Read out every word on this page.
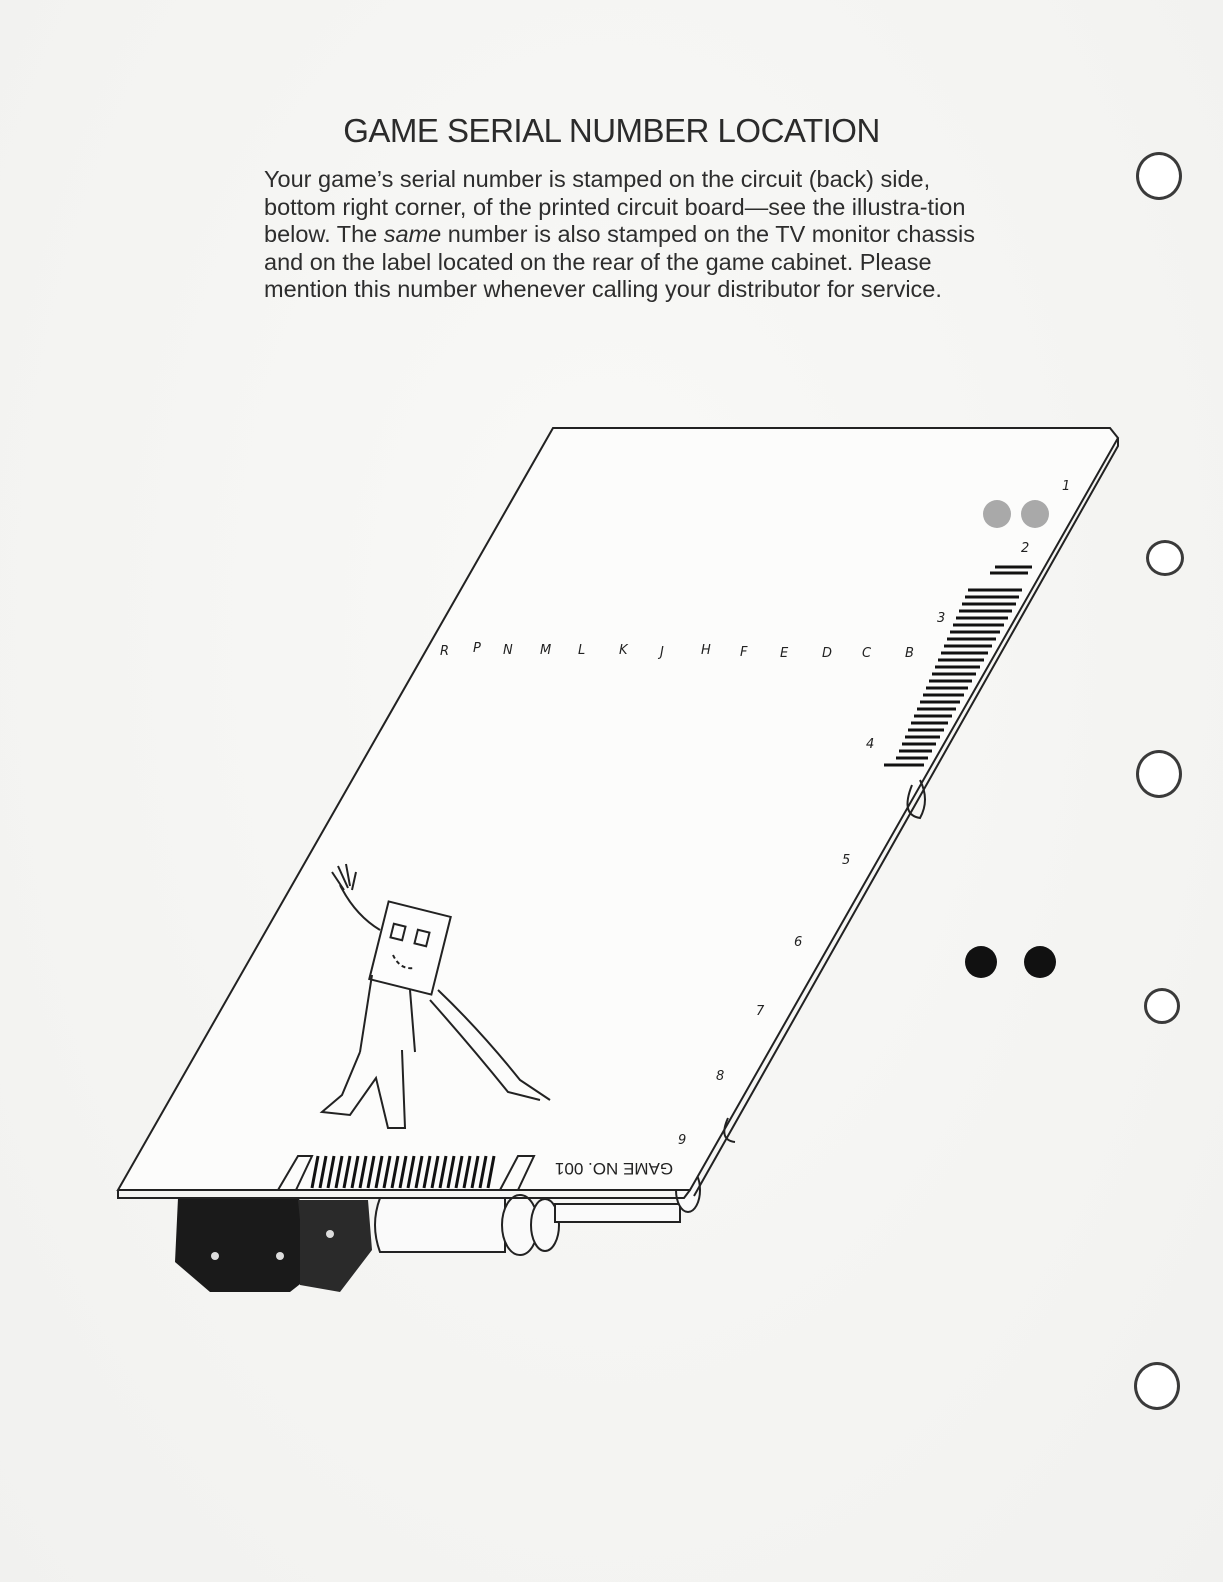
GAME SERIAL NUMBER LOCATION

Your game’s serial number is stamped on the circuit (back) side, bottom right corner, of the printed circuit board—see the illustra-tion below. The same number is also stamped on the TV monitor chassis and on the label located on the rear of the game cabinet. Please mention this number whenever calling your distributor for service.

R P N M L	K J	H F	E	D C	B
1
2
3
4
5
6
7
8
9
GAME NO. 001
